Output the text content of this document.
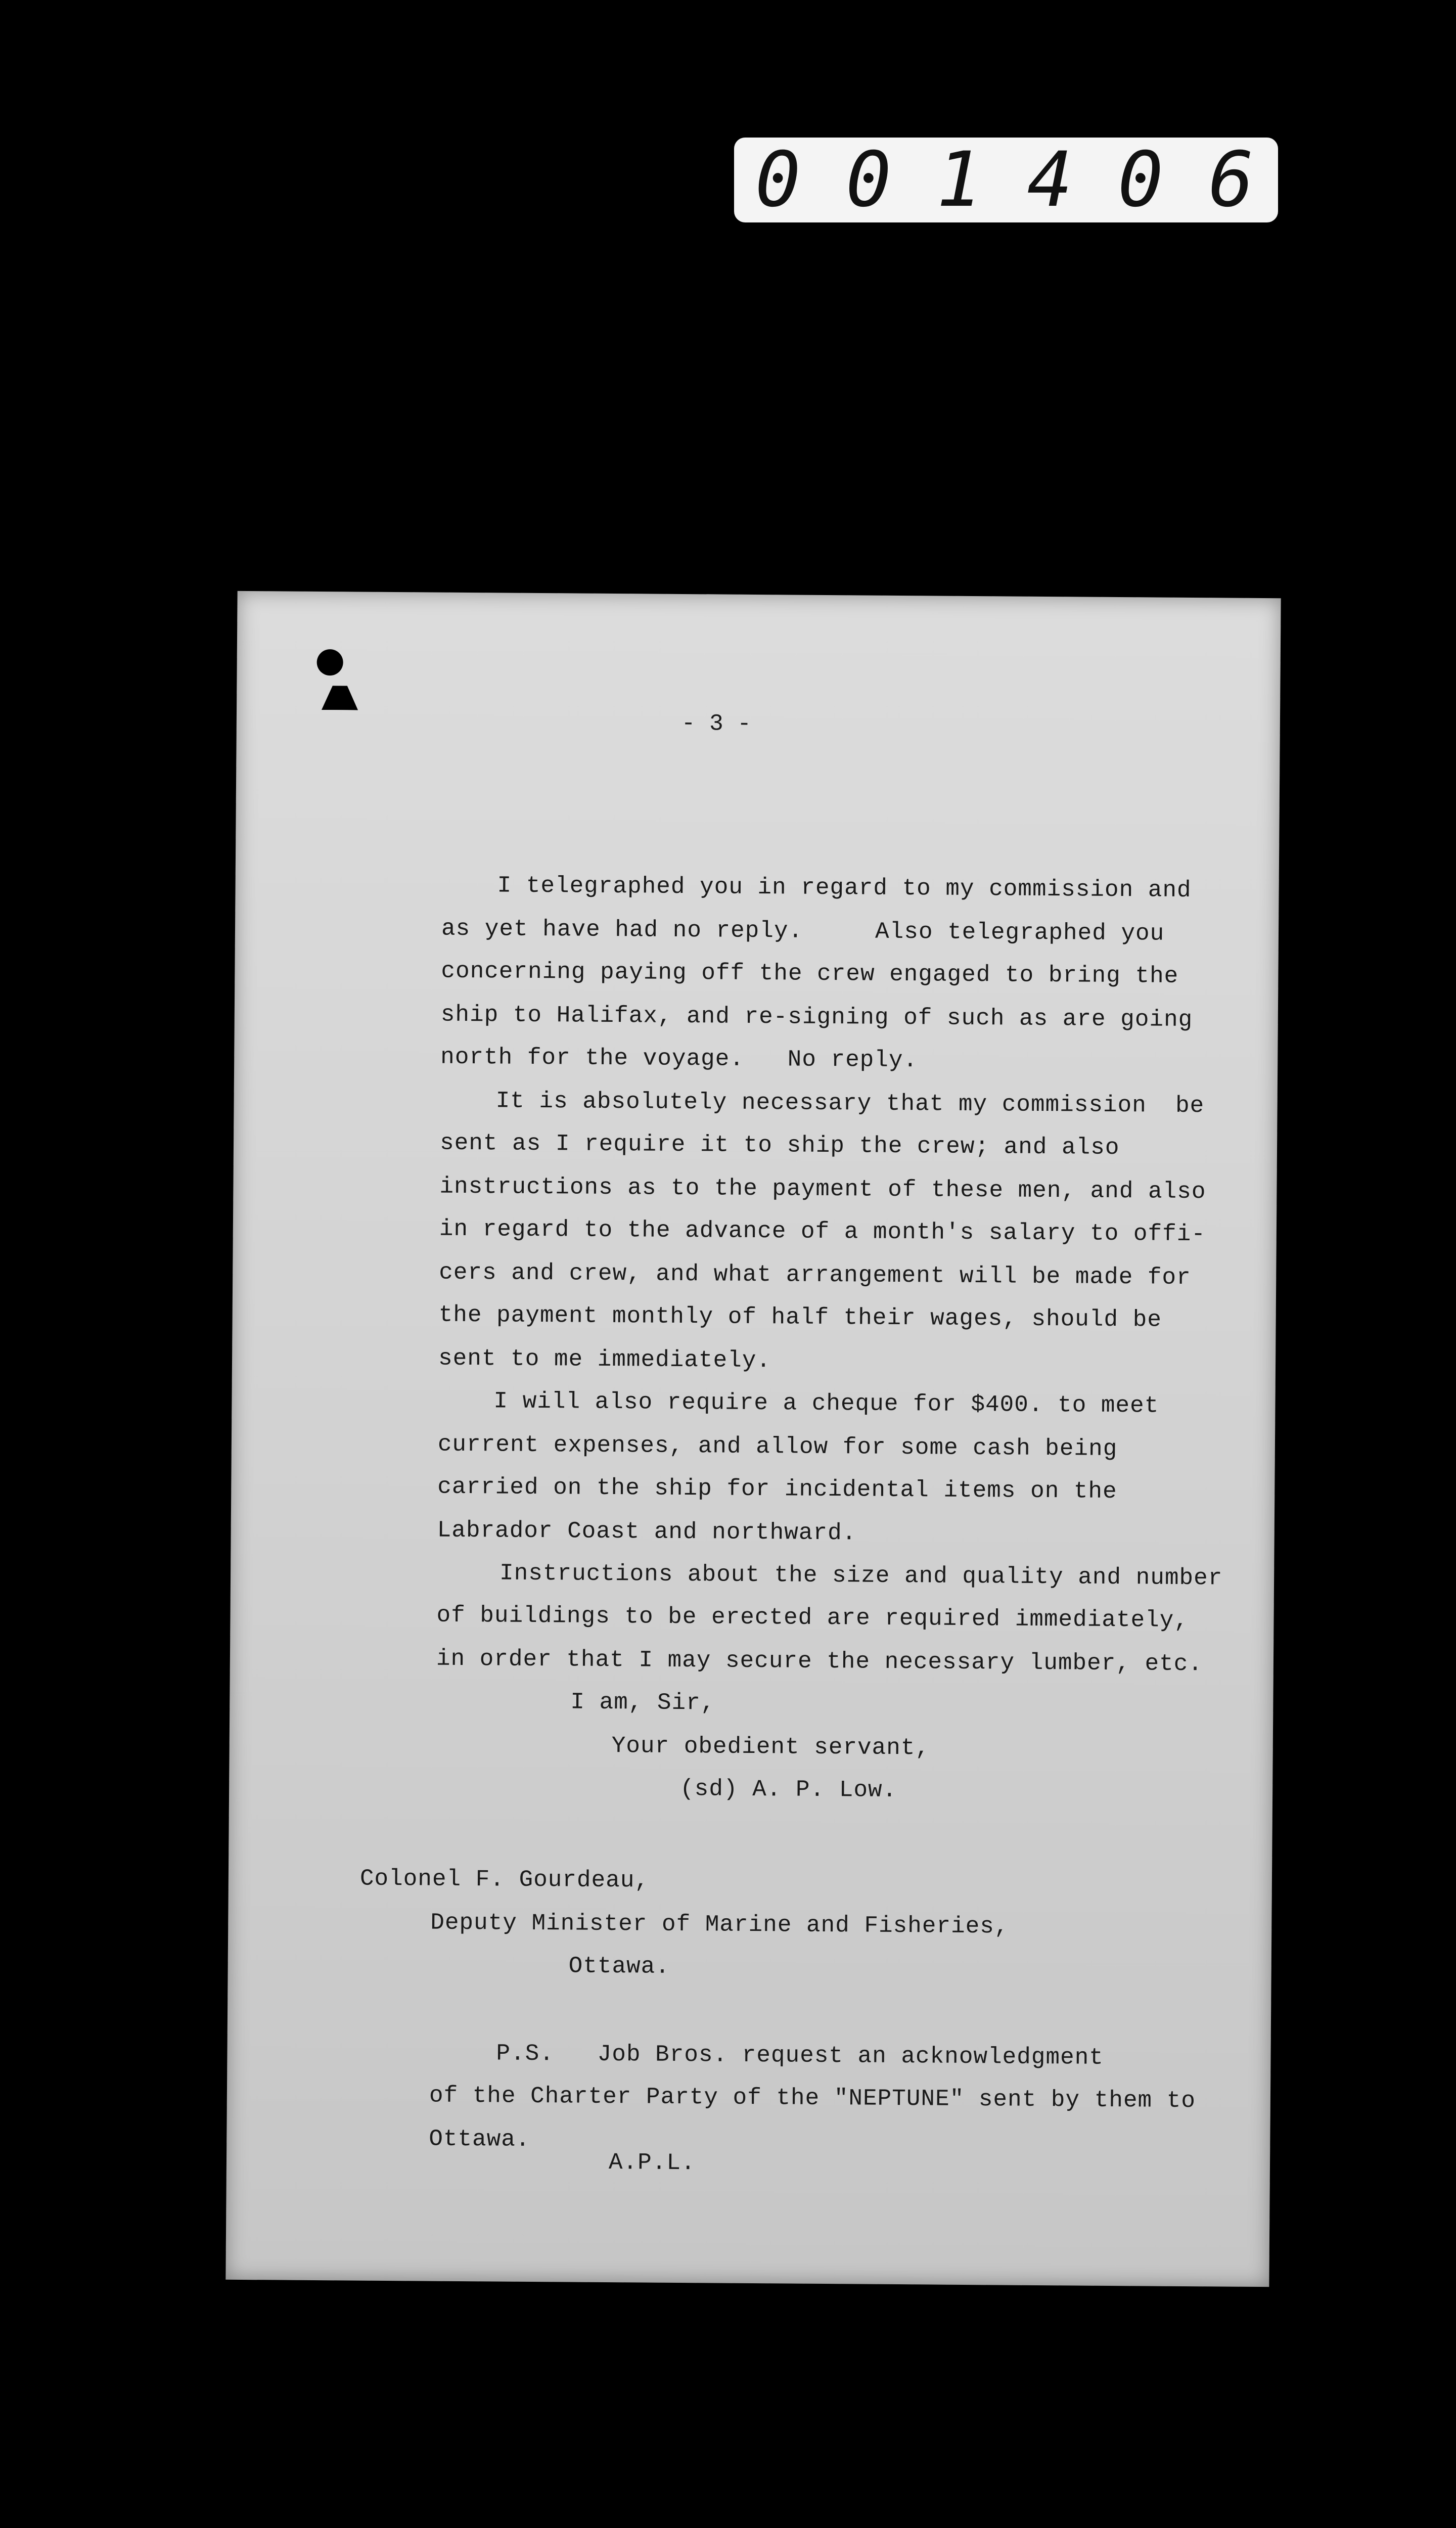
0 0 1 4 0 6
- 3 -
I telegraphed you in regard to my commission and
as yet have had no reply.     Also telegraphed you
concerning paying off the crew engaged to bring the
ship to Halifax, and re-signing of such as are going
north for the voyage.   No reply.
It is absolutely necessary that my commission  be
sent as I require it to ship the crew; and also
instructions as to the payment of these men, and also
in regard to the advance of a month's salary to offi-
cers and crew, and what arrangement will be made for
the payment monthly of half their wages, should be
sent to me immediately.
I will also require a cheque for $400. to meet
current expenses, and allow for some cash being
carried on the ship for incidental items on the
Labrador Coast and northward.
Instructions about the size and quality and number
of buildings to be erected are required immediately,
in order that I may secure the necessary lumber, etc.
I am, Sir,
Your obedient servant,
(sd) A. P. Low.
Colonel F. Gourdeau,
Deputy Minister of Marine and Fisheries,
Ottawa.
P.S.   Job Bros. request an acknowledgment
of the Charter Party of the "NEPTUNE" sent by them to
Ottawa.
A.P.L.
